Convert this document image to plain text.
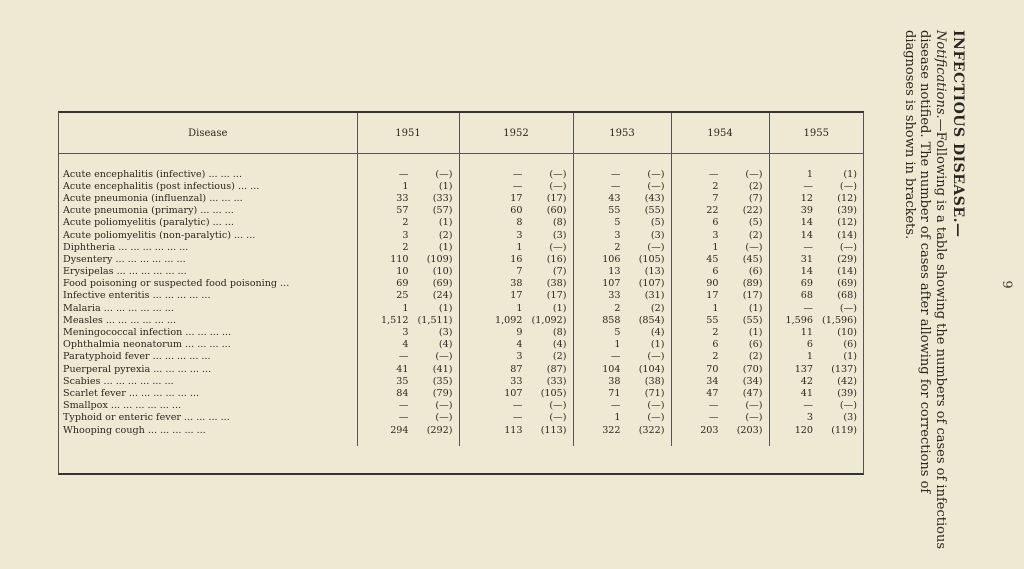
9
INFECTIOUS DISEASE.—
Notifications.—Following is a table showing the numbers of cases of infectious disease notified. The number of cases after allowing for corrections of diagnoses is shown in brackets.
Disease	1951	1952	1953	1954	1955

Acute encephalitis (infective) ... ... ...	— (—)	— (—)	— (—)	— (—)	1 (1)

Acute encephalitis (post infectious) ... ...	1 (1)	— (—)	— (—)	2 (2)	— (—)

Acute pneumonia (influenzal) ... ... ...	33 (33)	17 (17)	43 (43)	7 (7)	12 (12)

Acute pneumonia (primary) ... ... ...	57 (57)	60 (60)	55 (55)	22 (22)	39 (39)

Acute poliomyelitis (paralytic) ... ...	2 (1)	8 (8)	5 (5)	6 (5)	14 (12)

Acute poliomyelitis (non-paralytic) ... ...	3 (2)	3 (3)	3 (3)	3 (2)	14 (14)

Diphtheria ... ... ... ... ... ...	2 (1)	1 (—)	2 (—)	1 (—)	— (—)

Dysentery ... ... ... ... ... ...	110 (109)	16 (16)	106 (105)	45 (45)	31 (29)

Erysipelas ... ... ... ... ... ...	10 (10)	7 (7)	13 (13)	6 (6)	14 (14)

Food poisoning or suspected food poisoning ...	69 (69)	38 (38)	107 (107)	90 (89)	69 (69)

Infective enteritis ... ... ... ... ...	25 (24)	17 (17)	33 (31)	17 (17)	68 (68)

Malaria ... ... ... ... ... ...	1 (1)	1 (1)	2 (2)	1 (1)	— (—)

Measles ... ... ... ... ... ...	1,512 (1,511)	1,092 (1,092)	858 (854)	55 (55)	1,596 (1,596)

Meningococcal infection ... ... ... ...	3 (3)	9 (8)	5 (4)	2 (1)	11 (10)

Ophthalmia neonatorum ... ... ... ...	4 (4)	4 (4)	1 (1)	6 (6)	6 (6)

Paratyphoid fever ... ... ... ... ...	— (—)	3 (2)	— (—)	2 (2)	1 (1)

Puerperal pyrexia ... ... ... ... ...	41 (41)	87 (87)	104 (104)	70 (70)	137 (137)

Scabies ... ... ... ... ... ...	35 (35)	33 (33)	38 (38)	34 (34)	42 (42)

Scarlet fever ... ... ... ... ... ...	84 (79)	107 (105)	71 (71)	47 (47)	41 (39)

Smallpox ... ... ... ... ... ...	— (—)	— (—)	— (—)	— (—)	— (—)

Typhoid or enteric fever ... ... ... ...	— (—)	— (—)	1 (—)	— (—)	3 (3)

Whooping cough ... ... ... ... ...	294 (292)	113 (113)	322 (322)	203 (203)	120 (119)
